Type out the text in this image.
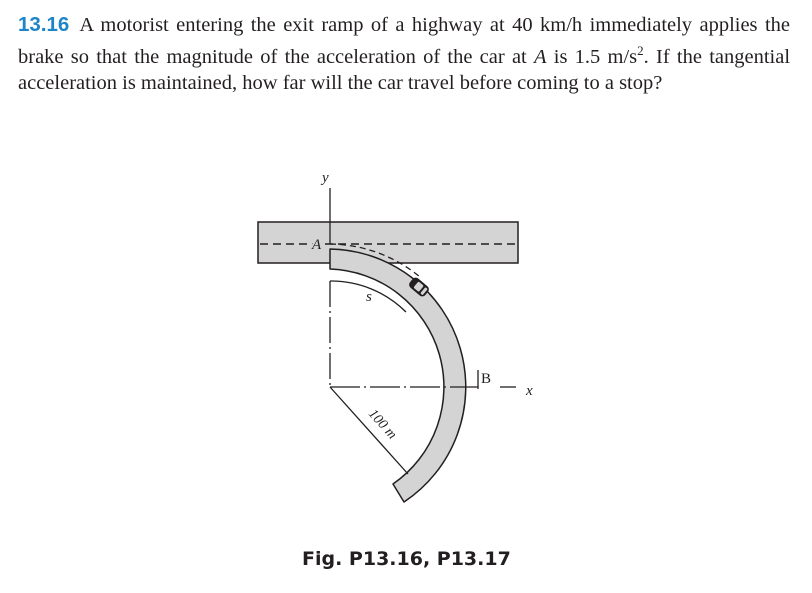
13.16 A motorist entering the exit ramp of a highway at 40 km/h immediately applies the brake so that the magnitude of the acceleration of the car at A is 1.5 $m/s^2$. If the tangential acceleration is maintained, how far will the car travel before coming to a stop?
y
A
s
B
x
100 m
Fig. P13.16, P13.17
